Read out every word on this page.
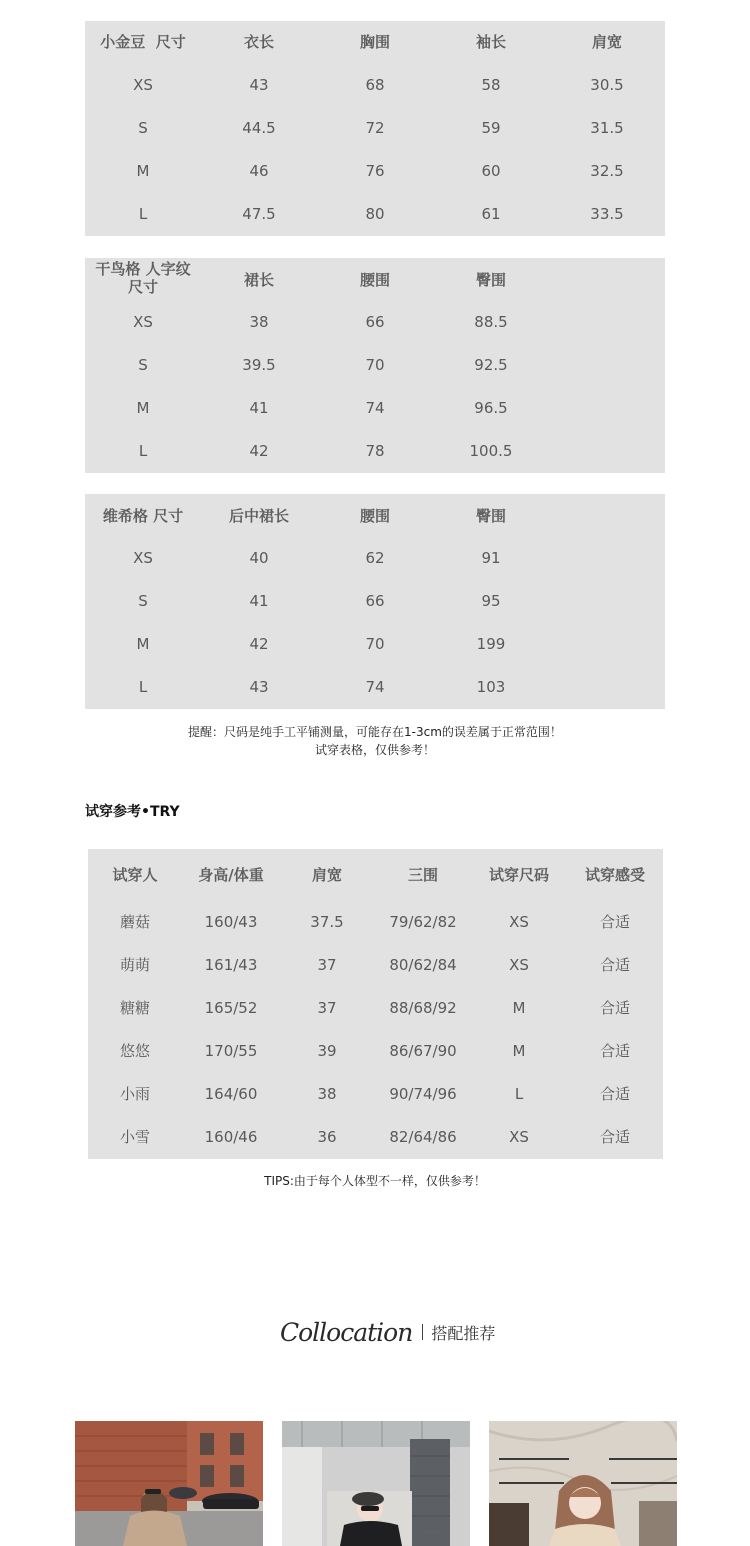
小金豆  尺寸	衣长	胸围	袖长	肩宽
XS	43	68	58	30.5
S	44.5	72	59	31.5
M	46	76	60	32.5
L	47.5	80	61	33.5
干鸟格 人字纹
尺寸	裙长	腰围	臀围
XS	38	66	88.5
S	39.5	70	92.5
M	41	74	96.5
L	42	78	100.5
维希格 尺寸	后中裙长	腰围	臀围
XS	40	62	91
S	41	66	95
M	42	70	199
L	43	74	103
提醒：尺码是纯手工平铺测量，可能存在1-3cm的误差属于正常范围！
试穿表格，仅供参考！
试穿参考•TRY
试穿人	身高/体重	肩宽	三围	试穿尺码	试穿感受
蘑菇	160/43	37.5	79/62/82	XS	合适
萌萌	161/43	37	80/62/84	XS	合适
糖糖	165/52	37	88/68/92	M	合适
悠悠	170/55	39	86/67/90	M	合适
小雨	164/60	38	90/74/96	L	合适
小雪	160/46	36	82/64/86	XS	合适
TIPS:由于每个人体型不一样，仅供参考！
Collocation 搭配推荐
· · · · · ·
